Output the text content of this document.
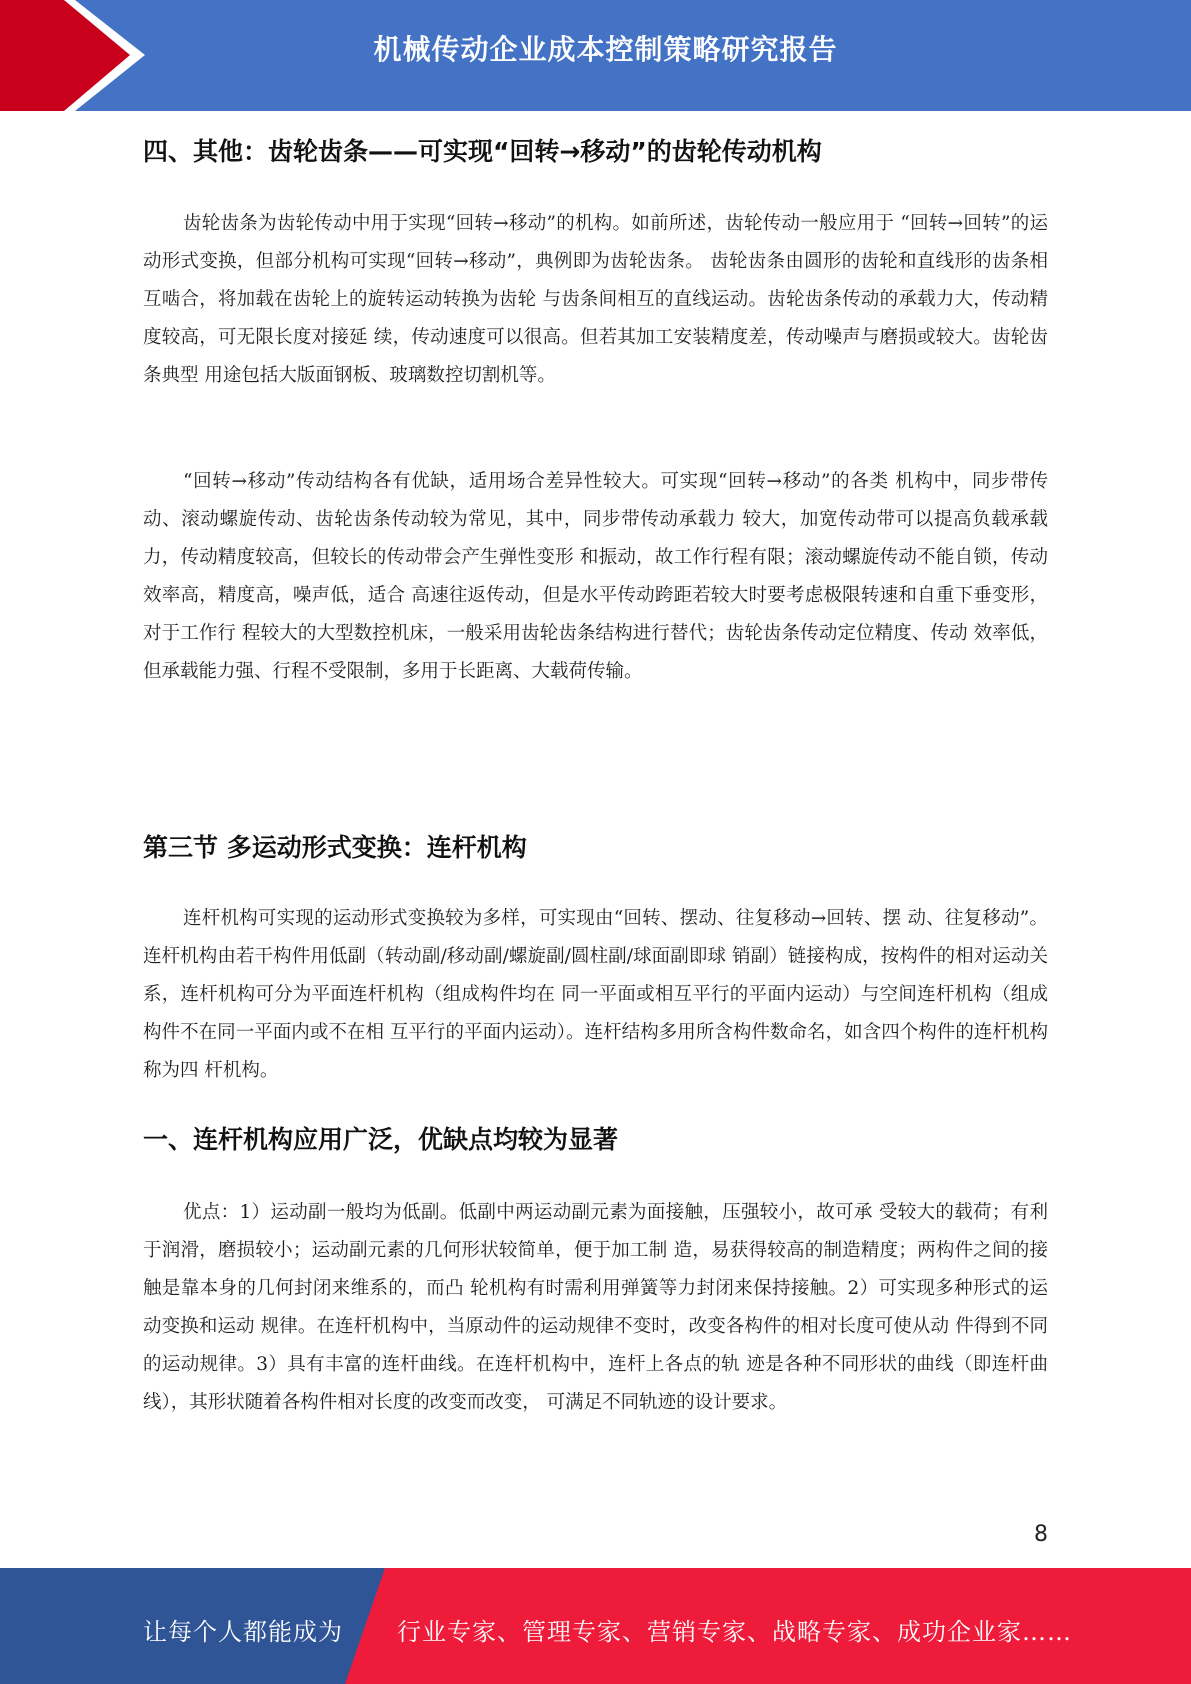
机械传动企业成本控制策略研究报告
四、其他：齿轮齿条——可实现“回转→移动”的齿轮传动机构

齿轮齿条为齿轮传动中用于实现“回转→移动”的机构。如前所述，齿轮传动一般应用于 “回转→回转”的运动形式变换，但部分机构可实现“回转→移动”，典例即为齿轮齿条。 齿轮齿条由圆形的齿轮和直线形的齿条相互啮合，将加载在齿轮上的旋转运动转换为齿轮 与齿条间相互的直线运动。齿轮齿条传动的承载力大，传动精度较高，可无限长度对接延 续，传动速度可以很高。但若其加工安装精度差，传动噪声与磨损或较大。齿轮齿条典型 用途包括大版面钢板、玻璃数控切割机等。

“回转→移动”传动结构各有优缺，适用场合差异性较大。可实现“回转→移动”的各类 机构中，同步带传动、滚动螺旋传动、齿轮齿条传动较为常见，其中，同步带传动承载力 较大，加宽传动带可以提高负载承载力，传动精度较高，但较长的传动带会产生弹性变形 和振动，故工作行程有限；滚动螺旋传动不能自锁，传动效率高，精度高，噪声低，适合 高速往返传动，但是水平传动跨距若较大时要考虑极限转速和自重下垂变形，对于工作行 程较大的大型数控机床，一般采用齿轮齿条结构进行替代；齿轮齿条传动定位精度、传动 效率低，但承载能力强、行程不受限制，多用于长距离、大载荷传输。

第三节 多运动形式变换：连杆机构

连杆机构可实现的运动形式变换较为多样，可实现由“回转、摆动、往复移动→回转、摆 动、往复移动”。连杆机构由若干构件用低副（转动副/移动副/螺旋副/圆柱副/球面副即球 销副）链接构成，按构件的相对运动关系，连杆机构可分为平面连杆机构（组成构件均在 同一平面或相互平行的平面内运动）与空间连杆机构（组成构件不在同一平面内或不在相 互平行的平面内运动）。连杆结构多用所含构件数命名，如含四个构件的连杆机构称为四 杆机构。

一、连杆机构应用广泛，优缺点均较为显著

优点：1）运动副一般均为低副。低副中两运动副元素为面接触，压强较小，故可承 受较大的载荷；有利于润滑，磨损较小；运动副元素的几何形状较简单，便于加工制 造，易获得较高的制造精度；两构件之间的接触是靠本身的几何封闭来维系的，而凸 轮机构有时需利用弹簧等力封闭来保持接触。2）可实现多种形式的运动变换和运动 规律。在连杆机构中，当原动件的运动规律不变时，改变各构件的相对长度可使从动 件得到不同的运动规律。3）具有丰富的连杆曲线。在连杆机构中，连杆上各点的轨 迹是各种不同形状的曲线（即连杆曲线），其形状随着各构件相对长度的改变而改变， 可满足不同轨迹的设计要求。

8
让每个人都能成为 行业专家、管理专家、营销专家、战略专家、成功企业家……
